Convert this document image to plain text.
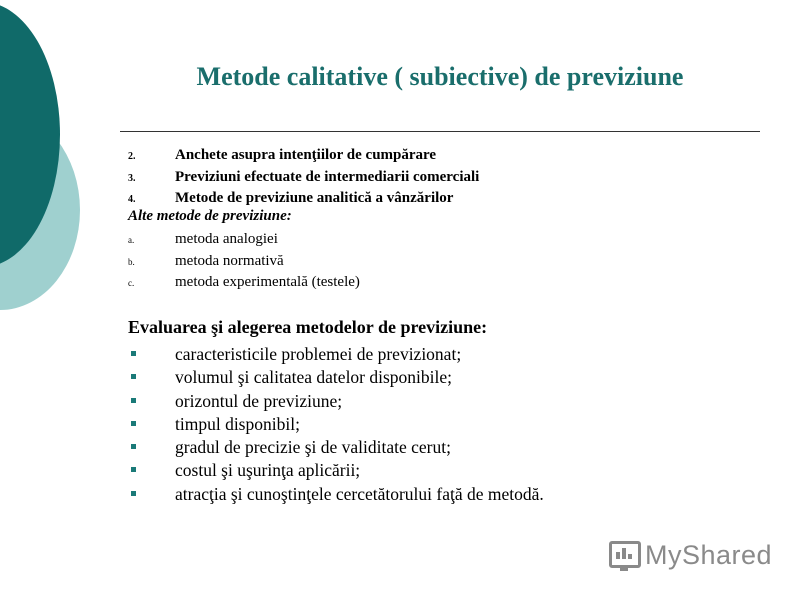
Metode calitative ( subiective) de previziune
2.	Anchete asupra intenţiilor de cumpărare
3.	Previziuni efectuate de intermediarii comerciali
4.	Metode de previziune analitică a vânzărilor

Alte metode de previziune:

a.	metoda analogiei
b.	metoda normativă
c.	metoda experimentală (testele)

Evaluarea şi alegerea metodelor de previziune:

caracteristicile problemei de previzionat;
volumul şi calitatea datelor disponibile;
orizontul de previziune;
timpul disponibil;
gradul de precizie şi de validitate cerut;
costul şi uşurinţa aplicării;
atracţia şi cunoştinţele cercetătorului faţă de metodă.
MyShared
